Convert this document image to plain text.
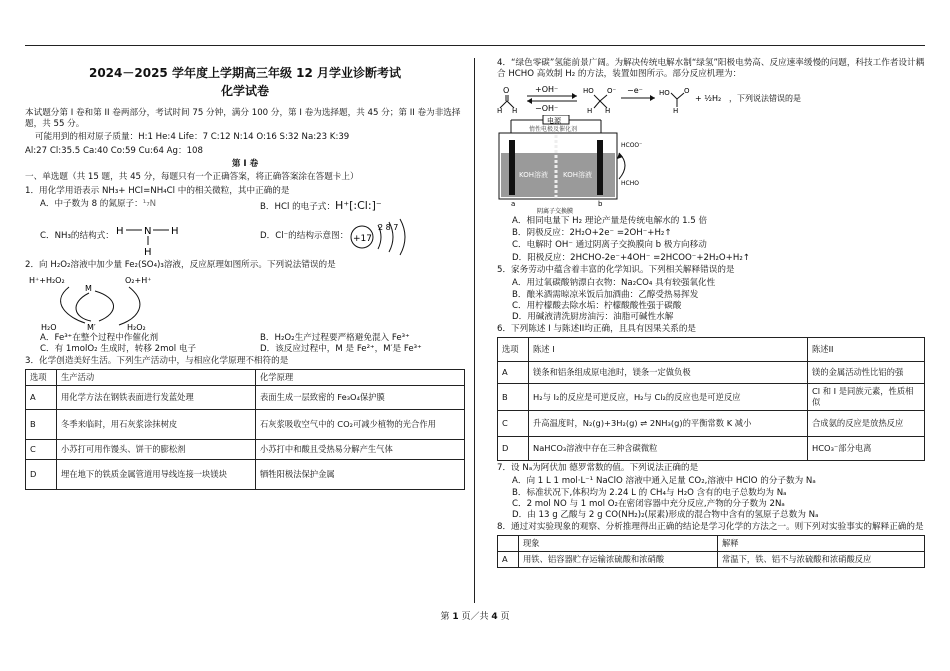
2024－2025 学年度上学期高三年级 12 月学业诊断考试
化学试卷
本试题分第 I 卷和第 II 卷两部分，考试时间 75 分钟，满分 100 分，第 I 卷为选择题，共 45 分；第 II 卷为非选择题，共 55 分。
可能用到的相对原子质量：H:1 He:4 Life：7 C:12 N:14 O:16 S:32 Na:23 K:39
Al:27 Cl:35.5 Ca:40 Co:59 Cu:64 Ag：108
第 I 卷
一、单选题（共 15 题，共 45 分，每题只有一个正确答案，将正确答案涂在答题卡上）
1．用化学用语表示 NH₃+ HCl=NH₄Cl 中的相关微粒，其中正确的是
A．中子数为 8 的氮原子：¹₇N	B．HCl 的电子式：H⁺[:Cl:]⁻
C．NH₃的结构式： H N H
H
D．Cl⁻的结构示意图： +17
2 8 7
2．向 H₂O₂溶液中加少量 Fe₂(SO₄)₃溶液，反应原理如图所示。下列说法错误的是
H⁺+H₂O₂
M
O₂+H⁺
H₂O	M′	H₂O₂
A．Fe³⁺在整个过程中作催化剂	B．H₂O₂生产过程要严格避免混入 Fe³⁺
C．有 1molO₂ 生成时，转移 2mol 电子	D．该反应过程中，M 是 Fe²⁺，M′是 Fe³⁺
3．化学创造美好生活。下列生产活动中，与相应化学原理不相符的是
选项	生产活动	化学原理
A	用化学方法在钢铁表面进行发蓝处理	表面生成一层致密的 Fe₃O₄保护膜
B	冬季来临时，用石灰浆涂抹树皮	石灰浆吸收空气中的 CO₂可减少植物的光合作用
C	小苏打可用作馒头、饼干的膨松剂	小苏打中和酸且受热易分解产生气体
D	埋在地下的铁质金属管道用导线连接一块镁块	牺牲阳极法保护金属
4．“绿色零碳”氢能前景广阔。为解决传统电解水制“绿氢”阳极电势高、反应速率缓慢的问题，科技工作者设计耦合 HCHO 高效制 H₂ 的方法，装置如图所示。部分反应机理为：
O
H H
+OH⁻
−OH⁻
HO O⁻
H H
−e⁻ HO
H
O
+ ½H₂ ，下列说法错误的是
电源
惰性电极及催化剂
KOH溶液 KOH溶液
a	b
阴离子交换膜
HCOO⁻
HCHO
A．相同电量下 H₂ 理论产量是传统电解水的 1.5 倍
B．阴极反应：2H₂O+2e⁻ =2OH⁻+H₂↑
C．电解时 OH⁻ 通过阴离子交换膜向 b 极方向移动
D．阳极反应：2HCHO-2e⁻+4OH⁻ =2HCOO⁻+2H₂O+H₂↑
5．家务劳动中蕴含着丰富的化学知识。下列相关解释错误的是
A．用过氧碳酸钠漂白衣物：Na₂CO₄ 具有较强氧化性
B．酿米酒需晾凉米饭后加酒曲：乙醇受热易挥发
C．用柠檬酸去除水垢：柠檬酸酸性强于碳酸
D．用碱液清洗厨房油污：油脂可碱性水解
6．下列陈述 I 与陈述II均正确，且具有因果关系的是
选项	陈述 I	陈述II
A	镁条和铝条组成原电池时，镁条一定做负极	镁的金属活动性比铝的强
B	H₂与 I₂的反应是可逆反应，H₂与 Cl₂的反应也是可逆反应	Cl 和 I 是同族元素，性质相似
C	升高温度时，N₂(g)+3H₂(g) ⇌ 2NH₃(g)的平衡常数 K 减小	合成氨的反应是放热反应
D	NaHCO₃溶液中存在三种含碳微粒	HCO₃⁻部分电离
7．设 Nₐ为阿伏加 德罗常数的值。下列说法正确的是
A．向 1 L 1 mol·L⁻¹ NaClO 溶液中通入足量 CO₂,溶液中 HClO 的分子数为 Nₐ
B．标准状况下,体积均为 2.24 L 的 CH₄与 H₂O 含有的电子总数均为 Nₐ
C．2 mol NO 与 1 mol O₂在密闭容器中充分反应,产物的分子数为 2Nₐ
D．由 13 g 乙酸与 2 g CO(NH₂)₂(尿素)形成的混合物中含有的氢原子总数为 Nₐ
8．通过对实验现象的观察、分析推理得出正确的结论是学习化学的方法之一。则下列对实验事实的解释正确的是
	现象	解释
A	用铁、铝容器贮存运输浓硫酸和浓硝酸	常温下，铁、铝不与浓硫酸和浓硝酸反应
第 1 页／共 4 页
